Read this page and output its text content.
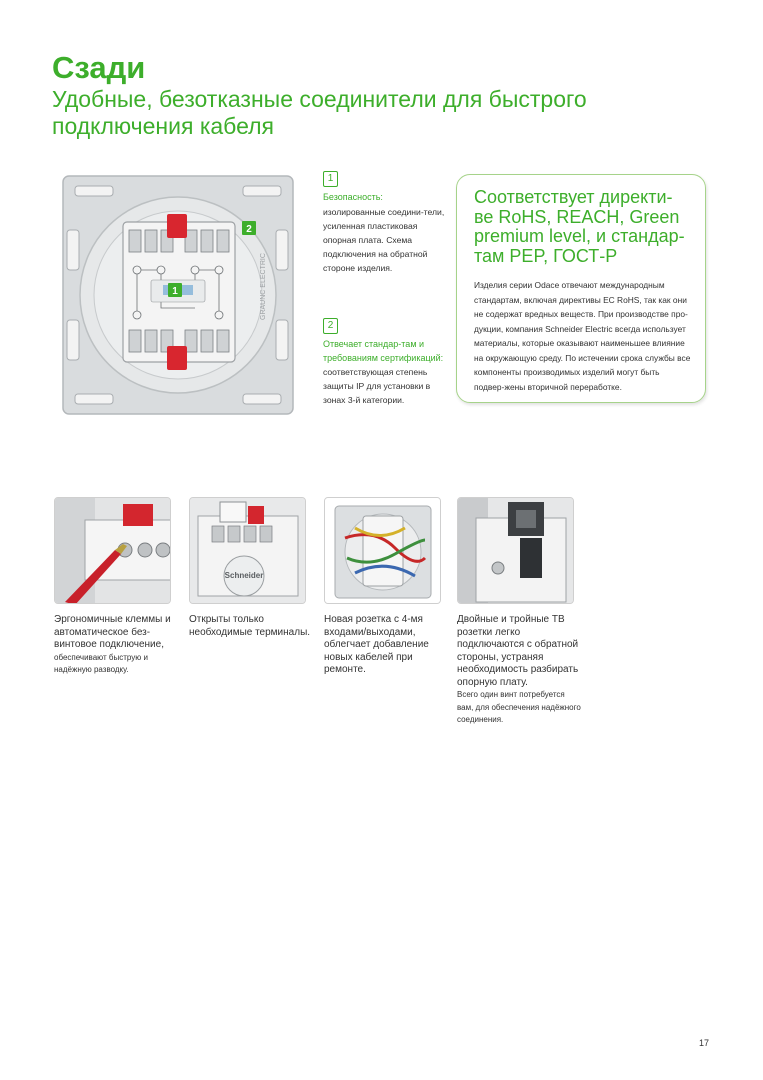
Сзади
Удобные, безотказные соединители для быстрого подключения кабеля
GRAUNC ELECTRIC
1
2
1
Безопасность:
изолированные соедини-тели, усиленная пластиковая опорная плата. Схема подключения на обратной стороне изделия.
2
Отвечает стандар-там и требованиям сертификаций:
соответствующая степень защиты IP для установки в зонах 3-й категории.
Соответствует директи-ве RoHS, REACH, Green premium level, и стандар-там PEP, ГОСТ-Р
Изделия серии Odace отвечают международным стандартам, включая директивы ЕС RoHS, так как они не содержат вредных веществ. При производстве про-дукции, компания Schneider Electric всегда использует материалы, которые оказывают наименьшее влияние на окружающую среду. По истечении срока службы все компоненты производимых изделий могут быть подвер-жены вторичной переработке.
Schneider
Эргономичные клеммы и автоматическое без-винтовое подключение,
обеспечивают быструю и надёжную разводку.
Открыты только необходимые терминалы.
Новая розетка с 4-мя входами/выходами, облегчает добавление новых кабелей при ремонте.
Двойные и тройные ТВ розетки легко подключаются с обратной стороны, устраняя необходимость разбирать опорную плату.
Всего один винт потребуется вам, для обеспечения надёжного соединения.
17
